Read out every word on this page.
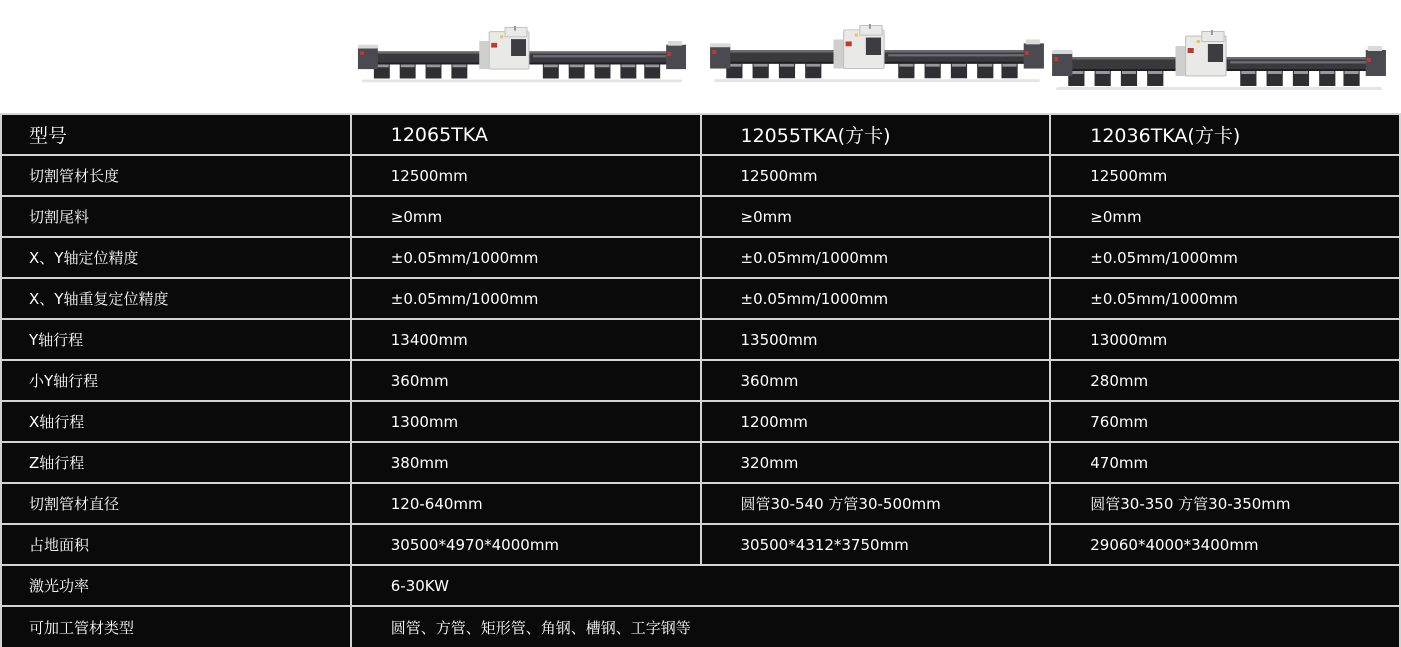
型号	12065TKA	12055TKA(方卡)	12036TKA(方卡)
切割管材长度	12500mm	12500mm	12500mm
切割尾料	≥0mm	≥0mm	≥0mm
X、Y轴定位精度	±0.05mm/1000mm	±0.05mm/1000mm	±0.05mm/1000mm
X、Y轴重复定位精度	±0.05mm/1000mm	±0.05mm/1000mm	±0.05mm/1000mm
Y轴行程	13400mm	13500mm	13000mm
小Y轴行程	360mm	360mm	280mm
X轴行程	1300mm	1200mm	760mm
Z轴行程	380mm	320mm	470mm
切割管材直径	120-640mm	圆管30-540 方管30-500mm	圆管30-350 方管30-350mm
占地面积	30500*4970*4000mm	30500*4312*3750mm	29060*4000*3400mm
激光功率	6-30KW		
可加工管材类型	圆管、方管、矩形管、角钢、槽钢、工字钢等		
